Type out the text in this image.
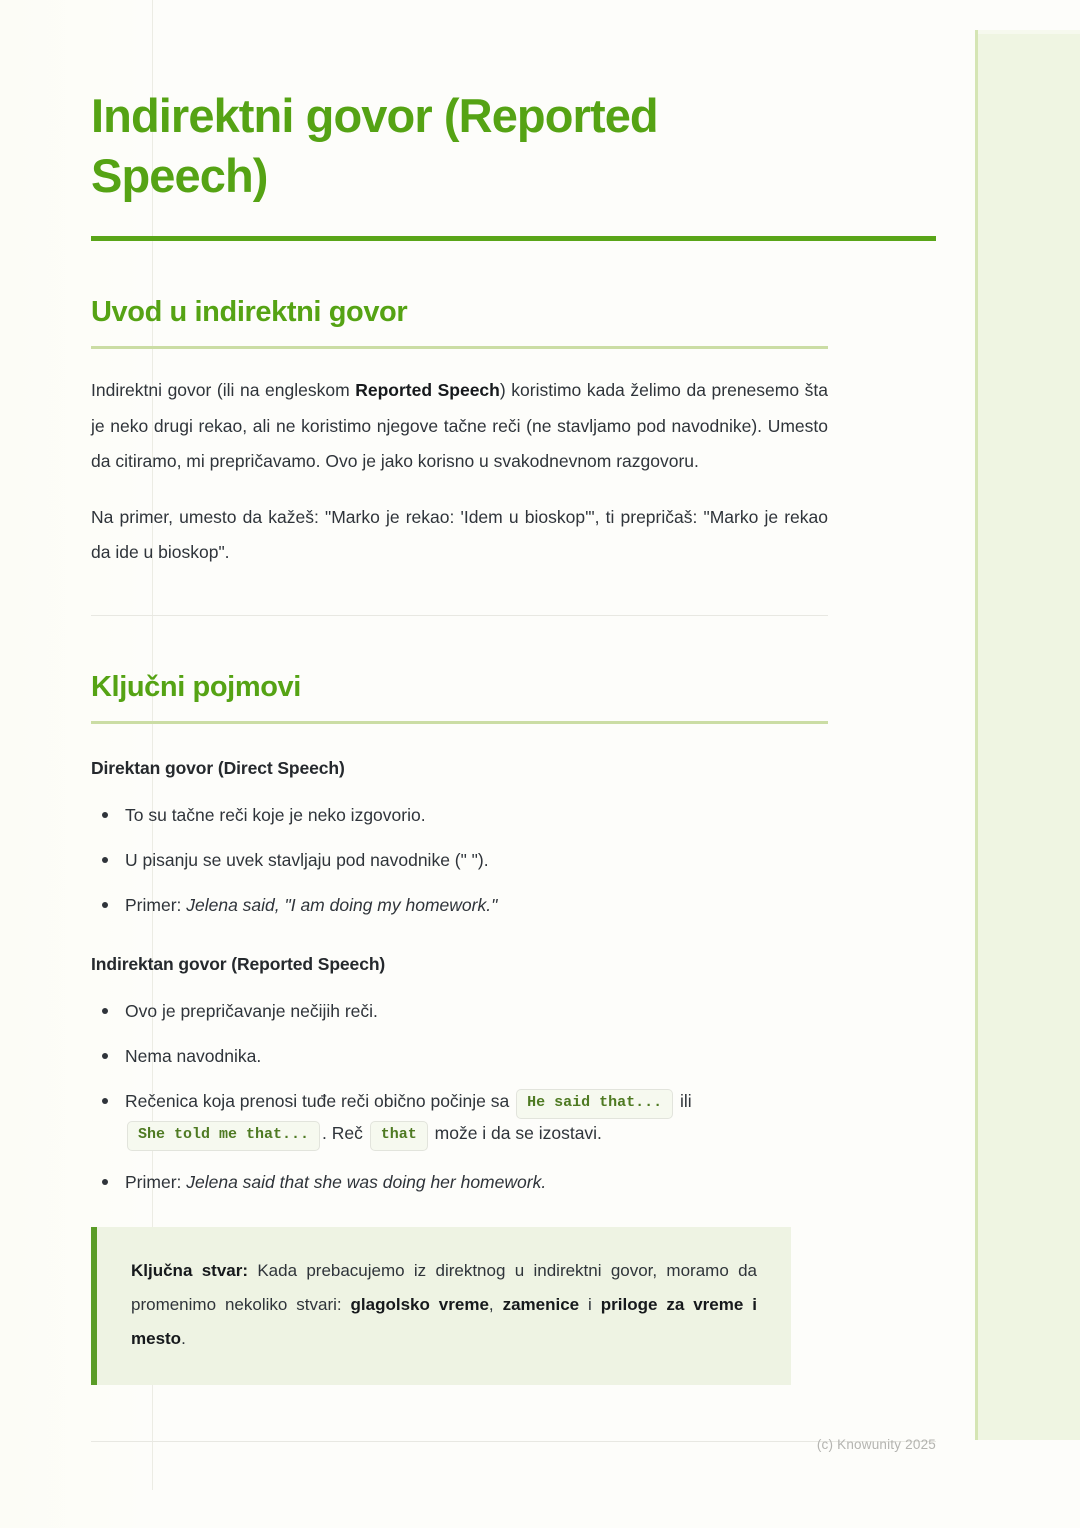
Indirektni govor (Reported Speech)
Uvod u indirektni govor

Indirektni govor (ili na engleskom Reported Speech) koristimo kada želimo da prenesemo šta je neko drugi rekao, ali ne koristimo njegove tačne reči (ne stavljamo pod navodnike). Umesto da citiramo, mi prepričavamo. Ovo je jako korisno u svakodnevnom razgovoru.

Na primer, umesto da kažeš: "Marko je rekao: 'Idem u bioskop'", ti prepričaš: "Marko je rekao da ide u bioskop".

Ključni pojmovi
Direktan govor (Direct Speech)
To su tačne reči koje je neko izgovorio.
U pisanju se uvek stavljaju pod navodnike (" ").
Primer: Jelena said, "I am doing my homework."
Indirektan govor (Reported Speech)
Ovo je prepričavanje nečijih reči.
Nema navodnika.
Rečenica koja prenosi tuđe reči obično počinje sa He said that... ili She told me that... . Reč that može i da se izostavi.
Primer: Jelena said that she was doing her homework.

Ključna stvar: Kada prebacujemo iz direktnog u indirektni govor, moramo da promenimo nekoliko stvari: glagolsko vreme, zamenice i priloge za vreme i mesto.

(c) Knowunity 2025
